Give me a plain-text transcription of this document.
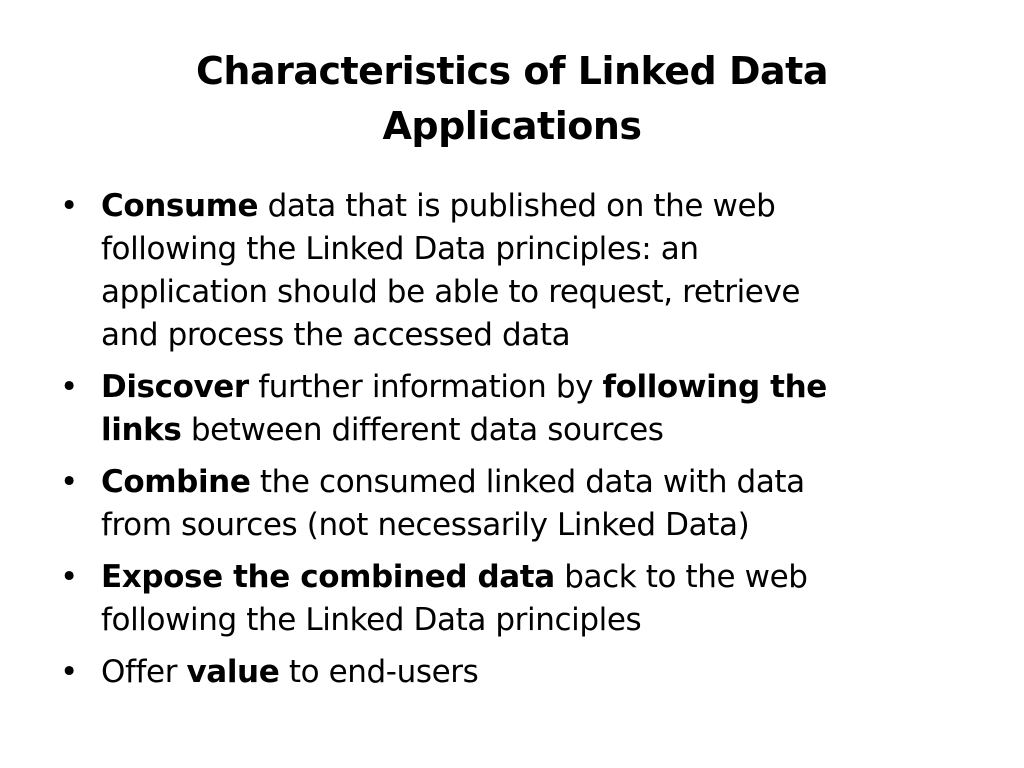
Characteristics of Linked Data
Applications
• Consume data that is published on the web
following the Linked Data principles: an
application should be able to request, retrieve
and process the accessed data
• Discover further information by following the
links between different data sources
• Combine the consumed linked data with data
from sources (not necessarily Linked Data)
• Expose the combined data back to the web
following the Linked Data principles
• Offer value to end-users
